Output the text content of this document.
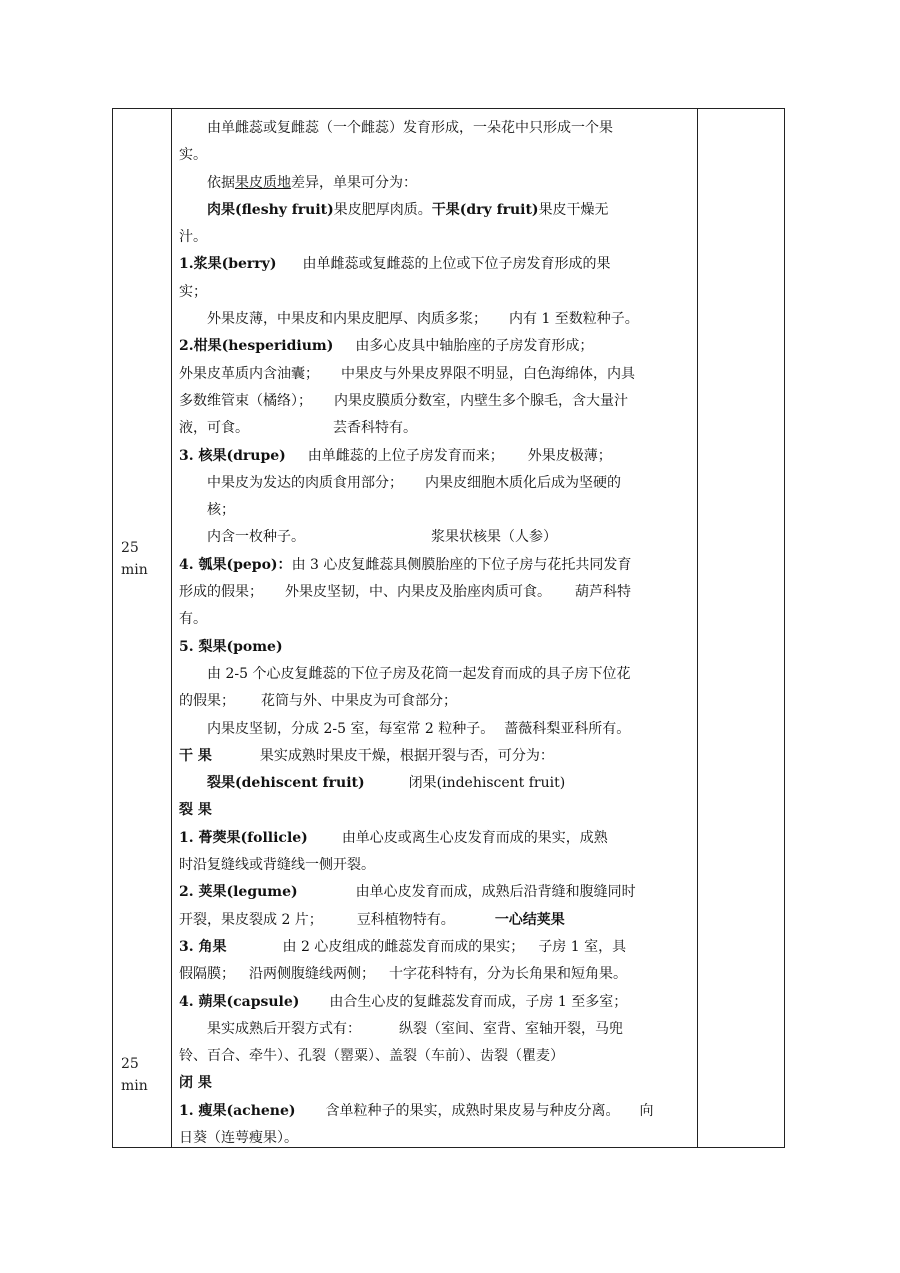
25
min
25
min

由单雌蕊或复雌蕊（一个雌蕊）发育形成，一朵花中只形成一个果

实。

依据果皮质地差异，单果可分为：

肉果(fleshy fruit)果皮肥厚肉质。干果(dry fruit)果皮干燥无

汁。

1.浆果(berry) 由单雌蕊或复雌蕊的上位或下位子房发育形成的果

实；

外果皮薄，中果皮和内果皮肥厚、肉质多浆； 内有 1 至数粒种子。

2.柑果(hesperidium) 由多心皮具中轴胎座的子房发育形成；

外果皮革质内含油囊； 中果皮与外果皮界限不明显，白色海绵体，内具

多数维管束（橘络）； 内果皮膜质分数室，内壁生多个腺毛，含大量汁

液，可食。	芸香科特有。

3. 核果(drupe) 由单雌蕊的上位子房发育而来； 外果皮极薄；

中果皮为发达的肉质食用部分； 内果皮细胞木质化后成为坚硬的

核；

内含一枚种子。	浆果状核果（人参）

4. 瓠果(pepo)：由 3 心皮复雌蕊具侧膜胎座的下位子房与花托共同发育

形成的假果； 外果皮坚韧，中、内果皮及胎座肉质可食。 葫芦科特

有。

5. 梨果(pome)

由 2-5 个心皮复雌蕊的下位子房及花筒一起发育而成的具子房下位花

的假果； 花筒与外、中果皮为可食部分；

内果皮坚韧，分成 2-5 室，每室常 2 粒种子。 蔷薇科梨亚科所有。

干 果	果实成熟时果皮干燥，根据开裂与否，可分为：

裂果(dehiscent fruit)	闭果(indehiscent fruit)

裂 果

1. 蓇葖果(follicle) 由单心皮或离生心皮发育而成的果实，成熟

时沿复缝线或背缝线一侧开裂。

2. 荚果(legume)	由单心皮发育而成，成熟后沿背缝和腹缝同时

开裂，果皮裂成 2 片； 豆科植物特有。	一心结荚果

3. 角果	由 2 心皮组成的雌蕊发育而成的果实； 子房 1 室，具

假隔膜； 沿两侧腹缝线两侧； 十字花科特有，分为长角果和短角果。

4. 蒴果(capsule) 由合生心皮的复雌蕊发育而成，子房 1 至多室；

果实成熟后开裂方式有：	纵裂（室间、室背、室轴开裂，马兜

铃、百合、牵牛）、孔裂（罂粟）、盖裂（车前）、齿裂（瞿麦）

闭 果

1. 瘦果(achene) 含单粒种子的果实，成熟时果皮易与种皮分离。 向

日葵（连萼瘦果）。
